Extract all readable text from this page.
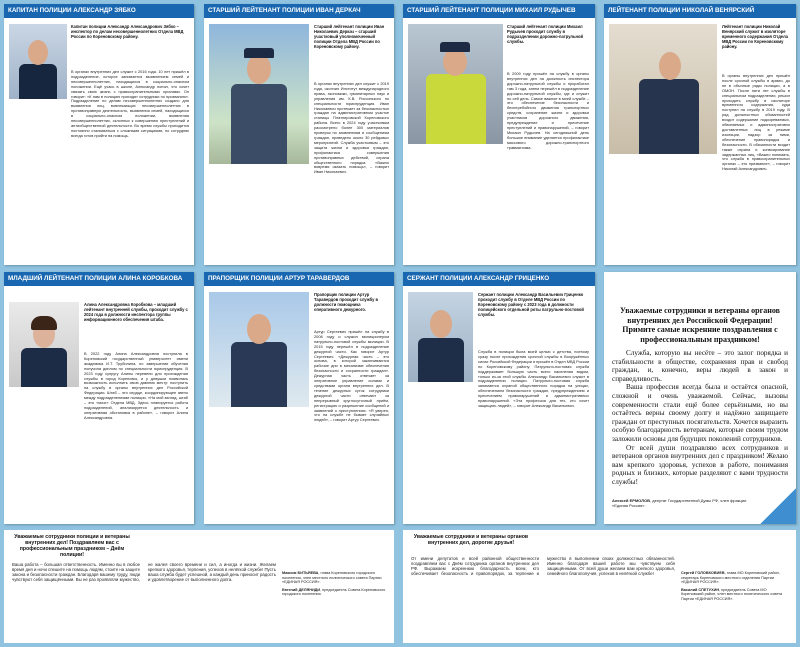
КАПИТАН ПОЛИЦИИ АЛЕКСАНДР ЗЯБКО
Капитан полиции Александр Александрович Зябко – инспектор по делам несовершеннолетних Отдела МВД России по Кореновскому району.
В органах внутренних дел служит с 2016 года. 10 лет пришёл в подразделение, которое занимается выявлением семей и несовершеннолетних, находящихся в социально-опасном положении. Ещё учась в школе, Александр понял, что хочет связать свою жизнь с правоохранительными органами. Он говорит: «К нам в полицию приходят сотрудники по призванию». Подразделение по делам несовершеннолетних создано для выявления лиц, вовлекающих несовершеннолетних в противоправную деятельность, выявления семей, находящихся в социально-опасном положении, выявления несовершеннолетних, склонных к совершению преступлений и антиобщественной деятельности. Во время службы приходится постоянно сталкиваться с сложными ситуациями, но сотрудник всегда готов прийти на помощь.
СТАРШИЙ ЛЕЙТЕНАНТ ПОЛИЦИИ ИВАН ДЕРКАЧ
Старший лейтенант полиции Иван Николаевич Деркач – старший участковый уполномоченный полиции Отдела МВД России по Кореновскому району.
В органах внутренних дел служит с 2019 года, окончил Институт международного права, экономики, гуманитарных наук и управления им. К.В. Россинского по специальности юриспруденция. Иван Николаевич протекает за безопасностью граждан на административном участке станицы Платнировской Кореновского района. Всего в 2024 году участковым рассмотрено более 300 материалов проверок по заявлениям и сообщениям граждан, проведено около 30 рейдовых мероприятий. Служба участковым – это защита жизни и здоровья граждан, профилактика совершения противоправных действий, охрана общественного порядка. «Важно вовремя оказать помощь», – говорит Иван Николаевич.
СТАРШИЙ ЛЕЙТЕНАНТ ПОЛИЦИИ МИХАИЛ РУДЫЧЕВ
Старший лейтенант полиции Михаил Рудычев проходит службу в подразделении дорожно-патрульной службы.
В 2009 году пришёл на службу в органы внутренних дел на должность инспектора дорожно-патрульной службы и проработал там 3 года, затем перешёл в подразделение дорожно-патрульной службы, где и служит по сей день. Самое важное в моей службе – это обеспечение безопасности и бесперебойного движения транспортных средств, сохранение жизни и здоровья участников дорожного движения, предупреждение и пресечение преступлений и правонарушений, – говорит Михаил Рудычев. На сегодняшний день большое внимание уделяется профилактике массового дорожно-транспортного травматизма.
ЛЕЙТЕНАНТ ПОЛИЦИИ НИКОЛАЙ ВЕНЯРСКИЙ
Лейтенант полиции Николай Венярский служит в изоляторе временного содержания Отдела МВД России по Кореновскому району.
В органы внутренних дел пришёл после срочной службы в армии, до не в обычные ряды полиции, а в ОМОН. После пяти лет службы в специальном подразделении, решил проходить службу в изоляторе временного содержания, куда поступил на службу в 2019 году. В ряд должностных обязанностей входит содержание подозреваемых, обвиняемых и административно доставленных лиц в режиме изоляции, надзор за ними, обеспечение правопорядка и безопасности. В обязанности входит также охрана и конвоирование задержанных лиц. «Важно понимать, что служба в правоохранительных органах – это призвание», – говорит Николай Александрович.
МЛАДШИЙ ЛЕЙТЕНАНТ ПОЛИЦИИ АЛИНА КОРОБКОВА
Алина Александровна Коробкова – младший лейтенант внутренней службы, проходит службу с 2024 года в должности инспектора группы информационного обеспечения штаба.
В 2022 году Алина Александровна поступила в Кореновский государственный университет имени академика И.Т. Трубилина, по завершении обучения получила диплом по специальности юриспруденция. В 2023 году супругу Алины перевели для прохождения службы в город Кореновск, и у девушки появилась возможность исполнить свою давнюю мечту: поступить на службу в органы внутренних дел Российской Федерации. Штаб – это сердце, координирующее звено между подразделениями полиции. «На мой взгляд, штаб – это «мозг» Отдела МВД. Здесь планируется работа подразделений, анализируется деятельность и оперативная обстановка в районе», – говорит Алина Александровна.
ПРАПОРЩИК ПОЛИЦИИ АРТУР ТАРАВЕРДОВ
Прапорщик полиции Артур Таравердов проходит службу в должности помощника оперативного дежурного.
Артур Сергеевич пришёл на службу в 2008 году и служил милиционером патрульно-постовой службы милиции. В 2015 году перешёл в подразделение дежурной части. Как говорит Артур Сергеевич: «Дежурная часть – это основа, в которой заканчиваются рабочие дни в механизме обеспечения безопасности и сохранности граждан». Дежурная часть отвечает за оперативное управление силами и средствами органа внутренних дел. В течение дежурных суток сотрудники дежурной части отвечают за непрерывный круглосуточный приём, регистрацию и разрешение сообщений и заявлений о преступлениях. «Я уверен, что на службе не бывает случайных людей», – говорит Артур Сергеевич.
СЕРЖАНТ ПОЛИЦИИ АЛЕКСАНДР ГРИЦЕНКО
Сержант полиции Александр Васильевич Гриценко проходит службу в Отделе МВД России по Кореновскому району с 2023 года в должности полицейского отдельной роты патрульно-постовой службы.
Служба в полиции была моей целью с детства, поэтому сразу после прохождения срочной службы в Вооружённых силах Российской Федерации я пришёл в Отдел МВД России по Кореновскому району. Патрульно-постовая служба поддерживает большую часть всего населения видом, только из-за этой службы Александр Васильевич служит в подразделении полиции. Патрульно-постовая служба занимается охраной общественного порядка на улицах, обеспечением безопасности граждан, предупреждением и пресечением правонарушений и административных правонарушений. «Эта профессия для тех, кто хочет защищать людей», – говорит Александр Васильевич.
Уважаемые сотрудники и ветераны органов внутренних дел Российской Федерации! Примите самые искренние поздравления с профессиональным праздником!
Служба, которую вы несёте – это залог порядка и стабильности в обществе, сохранения прав и свобод граждан, и, конечно, веры людей в закон и справедливость.
Ваша профессия всегда была и остаётся опасной, сложной и очень уважаемой. Сейчас, вызовы современности стали ещё более серьёзными, но вы остаётесь верны своему долгу и надёжно защищаете граждан от преступных посягательств. Хочется выразить особую благодарность ветеранам, которые своим трудом заложили основы для будущих поколений сотрудников.
От всей души поздравляю всех сотрудников и ветеранов органов внутренних дел с праздником! Желаю вам крепкого здоровья, успехов в работе, понимания родных и близких, которые разделяют с вами трудности службы!
Алексей ЕРМОЛОВ, депутат Государственной Думы РФ, член фракции «Единая Россия».
Уважаемые сотрудники полиции и ветераны внутренних дел! Поздравляем вас с профессиональным праздником – Днём полиции!
Ваша работа – большая ответственность. Именно вы в любое время дня и ночи спешите на помощь людям, стоите на защите закона и безопасности граждан. Благодаря вашему труду, люди чувствуют себя защищёнными. Вы не раз проявляли мужество, не жалея своего времени и сил, а иногда и жизни. Желаем крепкого здоровья, терпения, успехов в нелёгкой службе! Пусть ваша служба будет успешной, а каждый день приносит радость и удовлетворение от выполненного долга.
Максим БИТЬЯЕВА, глава Кореновского городского поселения, член местного политического совета Партии «ЕДИНАЯ РОССИЯ».
Евгений ДЕЛЯНИДИ, председатель Совета Кореновского городского поселения.
Уважаемые сотрудники и ветераны органов внутренних дел, дорогие друзья!
От имени депутатов и всей районной общественности поздравляем вас с Днём сотрудника органов внутренних дел РФ. Выражаем искреннюю благодарность всем, кто обеспечивает безопасность и правопорядок, за терпение и мужество в выполнении своих должностных обязанностей. Именно благодаря вашей работе мы чувствуем себя защищёнными. От всей души желаем вам крепкого здоровья, семейного благополучия, успехов в нелёгкой службе!	Сергей ГОЛОВКОВИЕВ, глава МО Кореновский район, секретарь Кореновского местного отделения Партии «ЕДИНАЯ РОССИЯ».
Василий СПЕТУХИН, председатель Совета МО Кореновский район, член местного политического совета Партии «ЕДИНАЯ РОССИЯ».
